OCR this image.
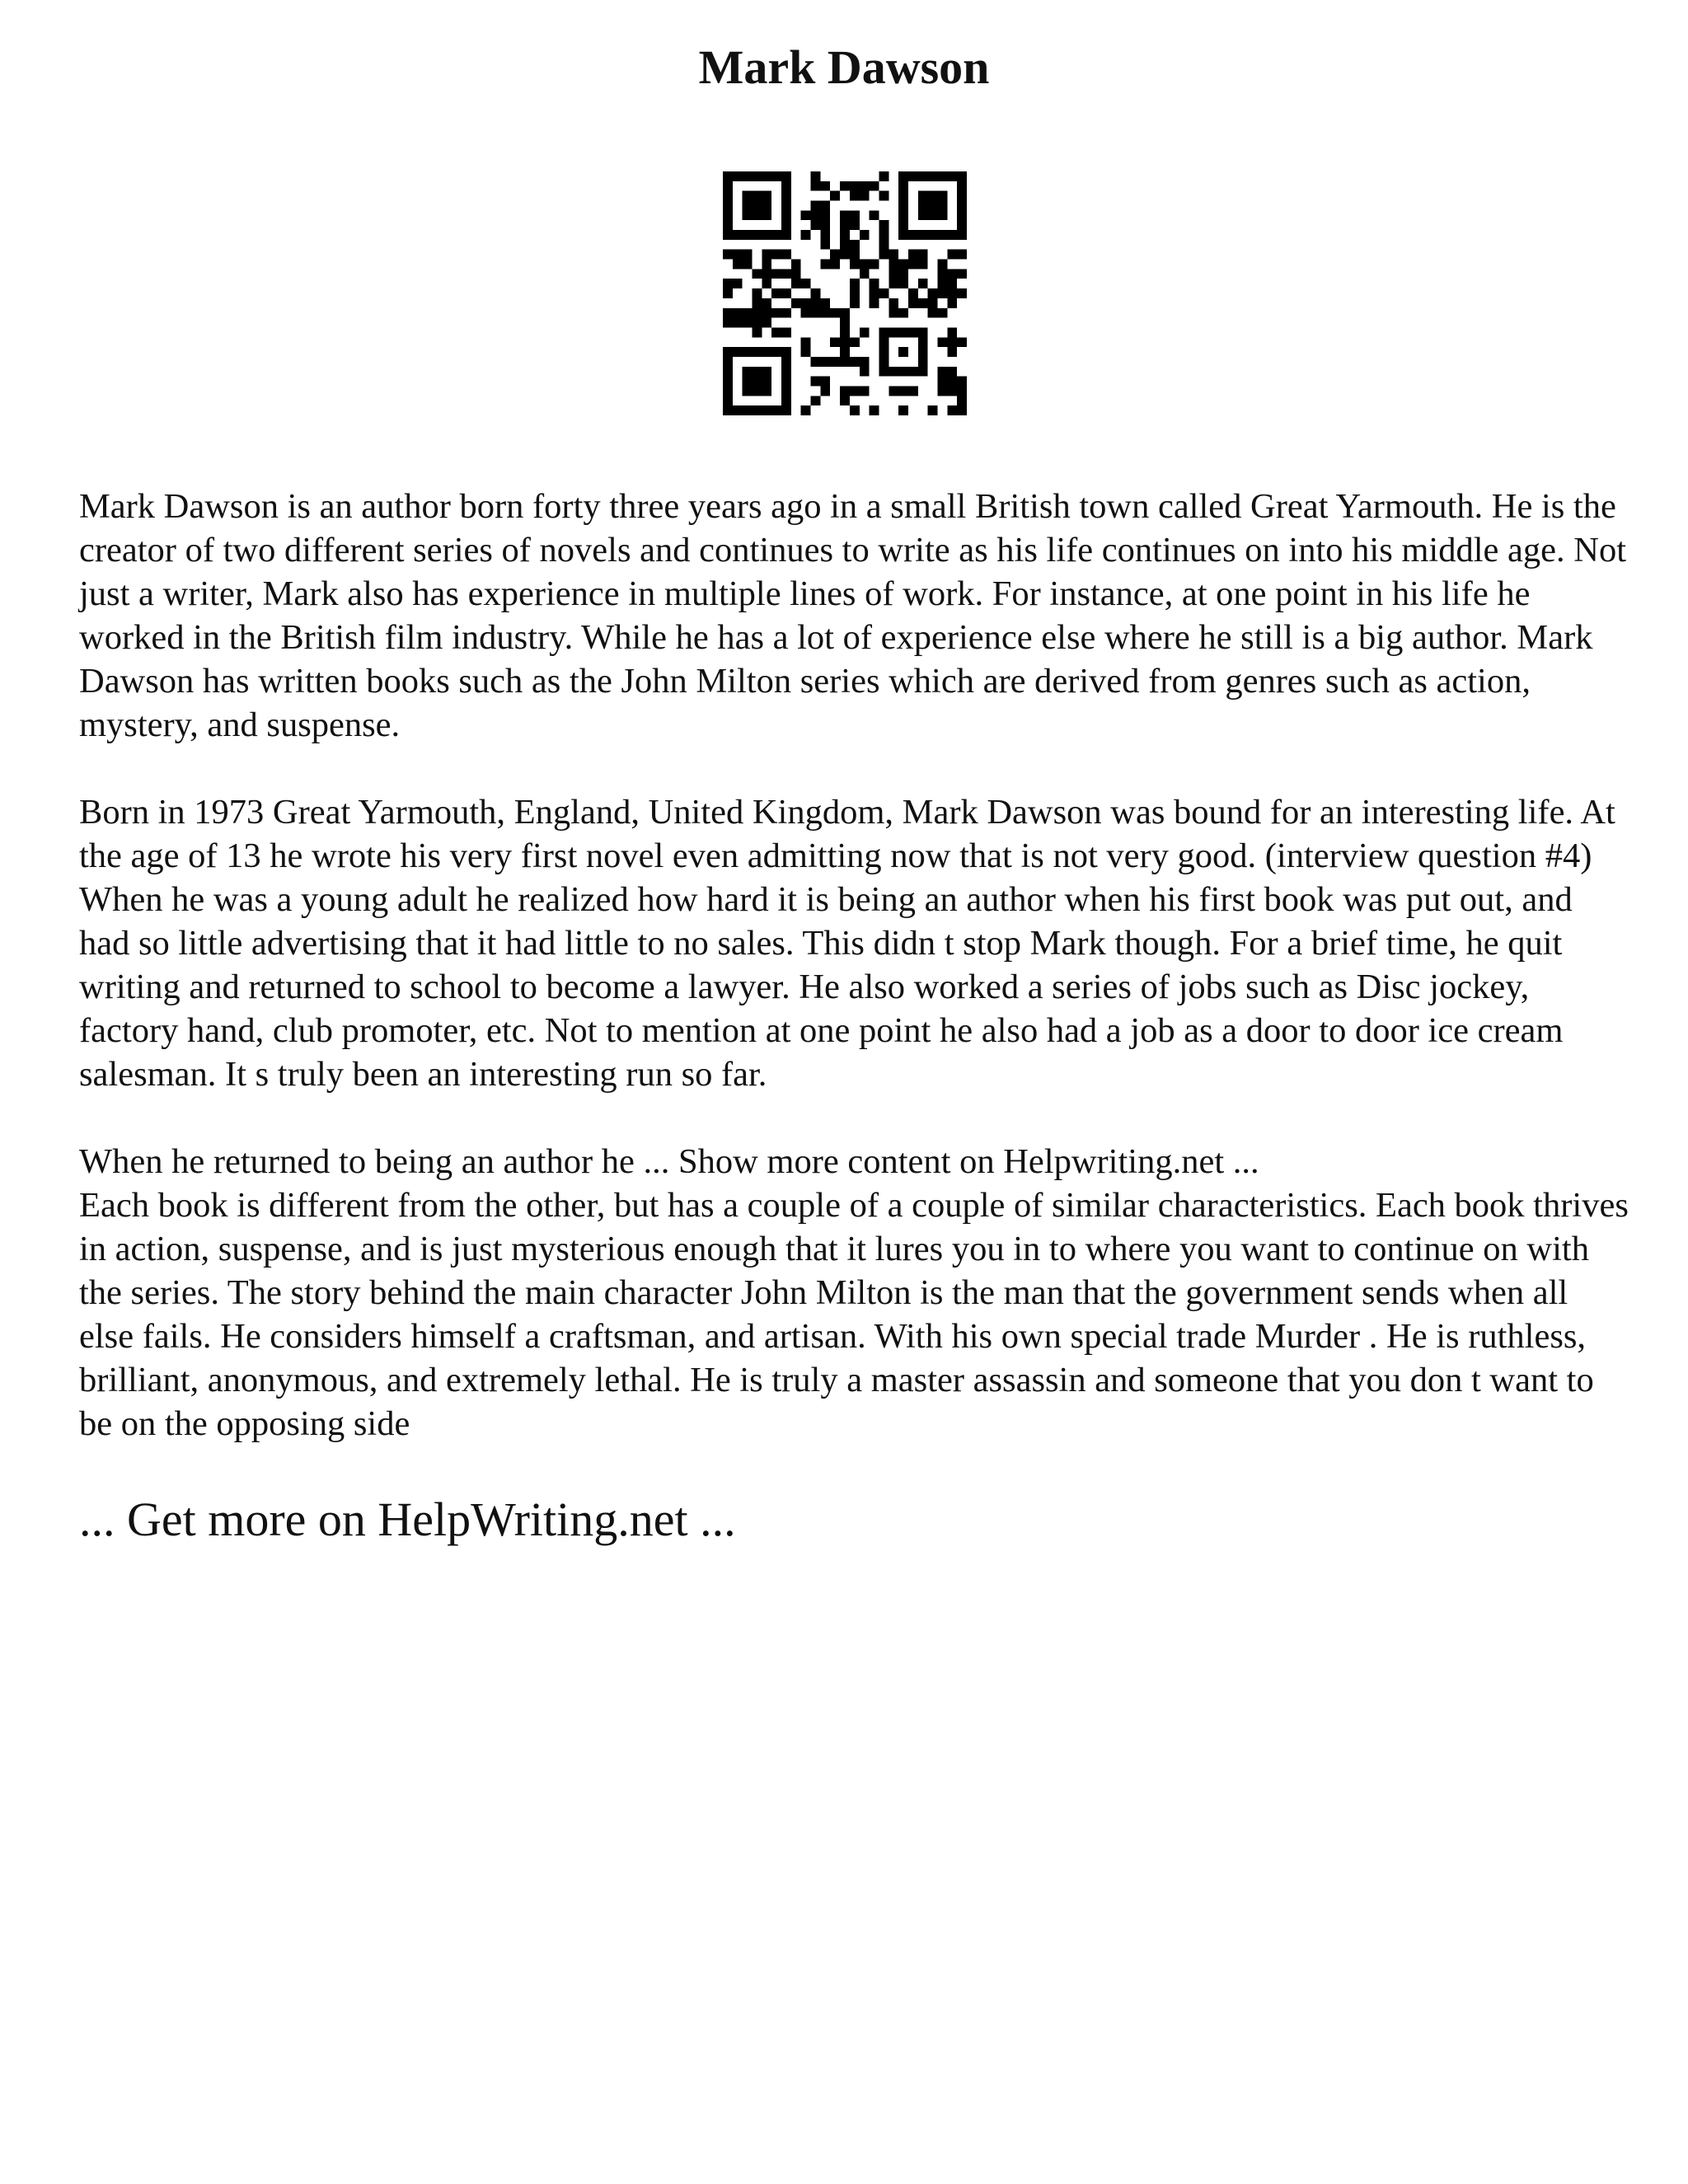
Mark Dawson

Mark Dawson is an author born forty three years ago in a small British town called Great Yarmouth. He is the creator of two different series of novels and continues to write as his life continues on into his middle age. Not just a writer, Mark also has experience in multiple lines of work. For instance, at one point in his life he worked in the British film industry. While he has a lot of experience else where he still is a big author. Mark Dawson has written books such as the John Milton series which are derived from genres such as action, mystery, and suspense.

Born in 1973 Great Yarmouth, England, United Kingdom, Mark Dawson was bound for an interesting life. At the age of 13 he wrote his very first novel even admitting now that is not very good. (interview question #4) When he was a young adult he realized how hard it is being an author when his first book was put out, and had so little advertising that it had little to no sales. This didn t stop Mark though. For a brief time, he quit writing and returned to school to become a lawyer. He also worked a series of jobs such as Disc jockey, factory hand, club promoter, etc. Not to mention at one point he also had a job as a door to door ice cream salesman. It s truly been an interesting run so far.

When he returned to being an author he ... Show more content on Helpwriting.net ...

Each book is different from the other, but has a couple of a couple of similar characteristics. Each book thrives in action, suspense, and is just mysterious enough that it lures you in to where you want to continue on with the series. The story behind the main character John Milton is the man that the government sends when all else fails. He considers himself a craftsman, and artisan. With his own special trade Murder . He is ruthless, brilliant, anonymous, and extremely lethal. He is truly a master assassin and someone that you don t want to be on the opposing side

... Get more on HelpWriting.net ...
